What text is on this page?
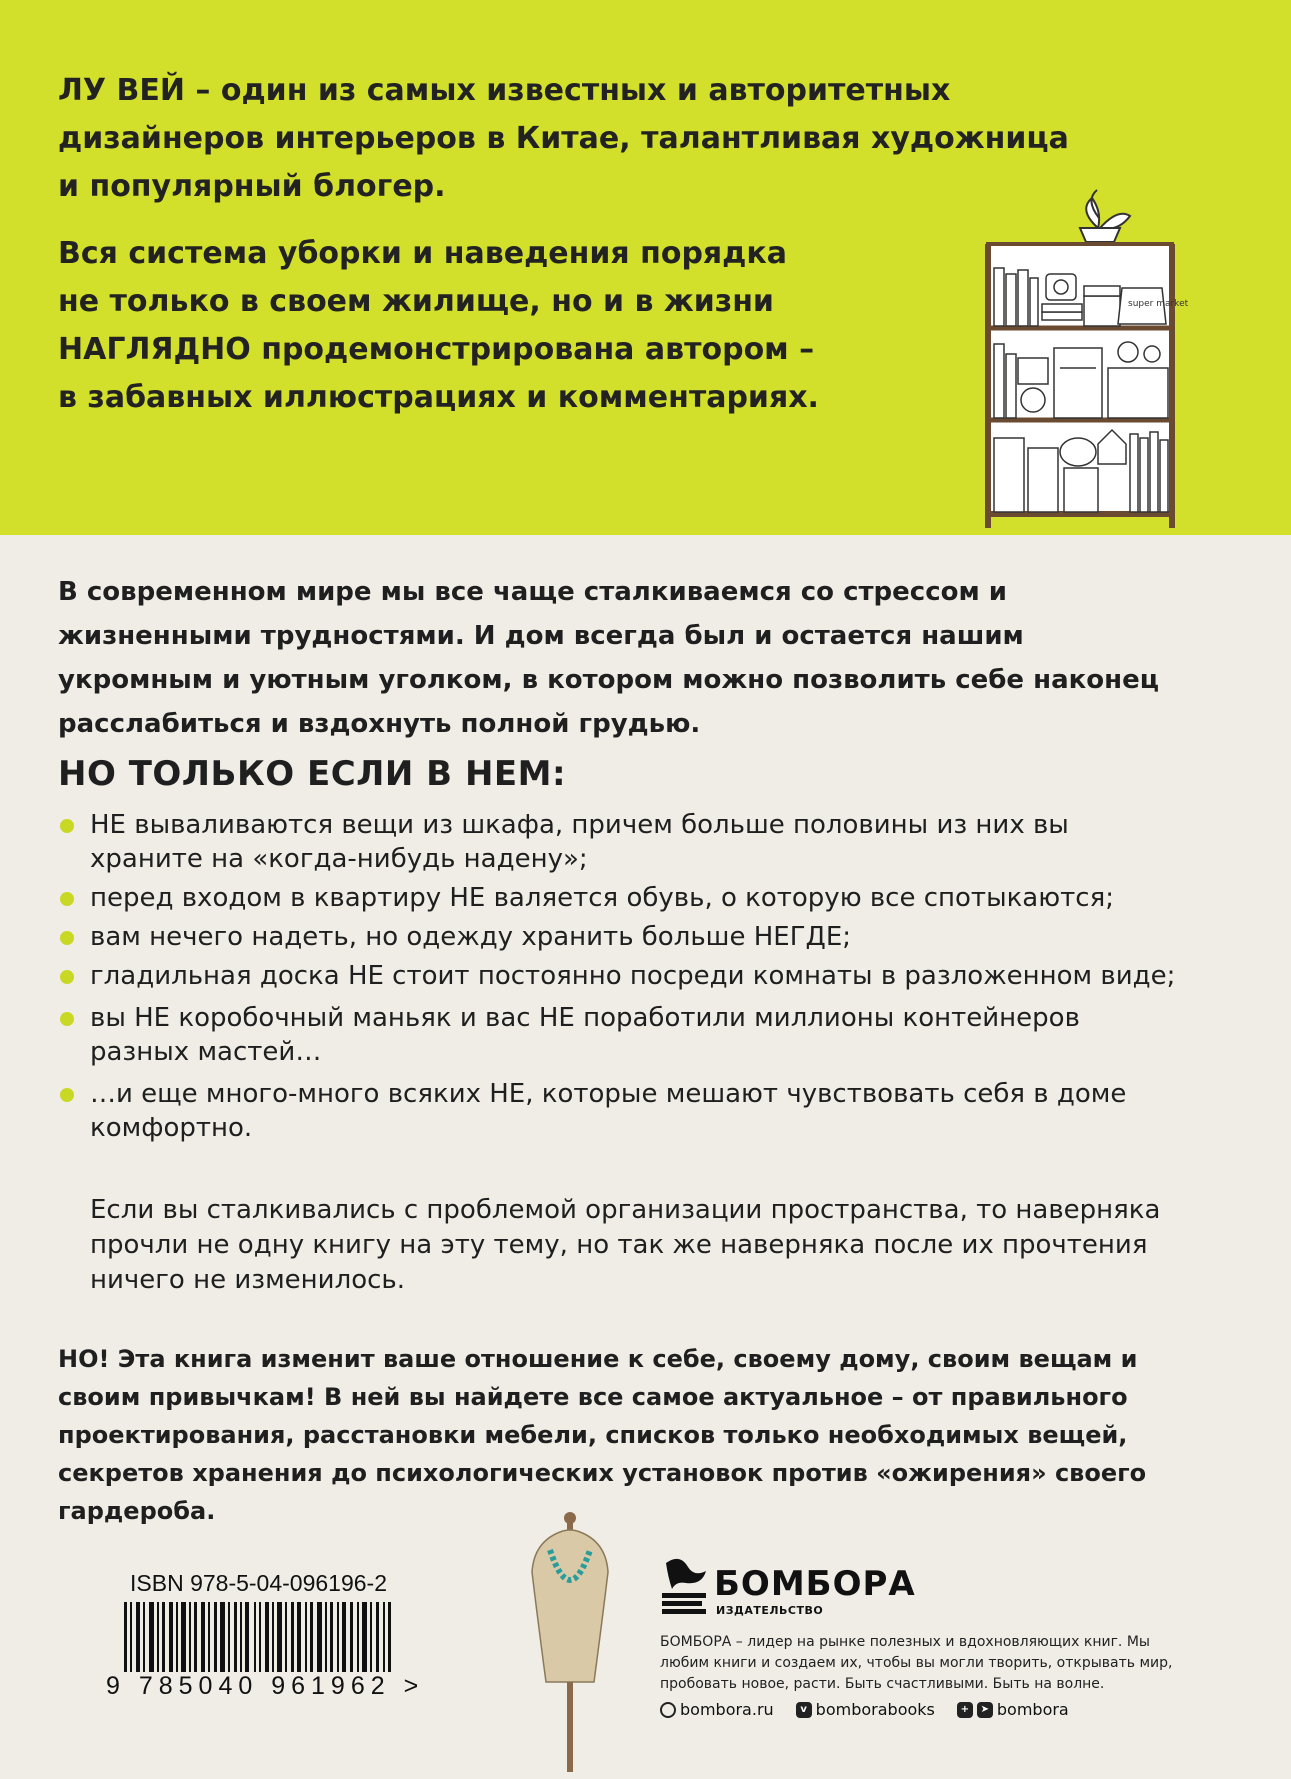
ЛУ ВЕЙ – один из самых известных и авторитетных дизайнеров интерьеров в Китае, талантливая художница и популярный блогер.

Вся система уборки и наведения порядка не только в своем жилище, но и в жизни НАГЛЯДНО продемонстрирована автором – в забавных иллюстрациях и комментариях.

super market

В современном мире мы все чаще сталкиваемся со стрессом и жизненными трудностями. И дом всегда был и остается нашим укромным и уютным уголком, в котором можно позволить себе наконец расслабиться и вздохнуть полной грудью.

НО ТОЛЬКО ЕСЛИ В НЕМ:
НЕ вываливаются вещи из шкафа, причем больше половины из них вы храните на «когда-нибудь надену»;
перед входом в квартиру НЕ валяется обувь, о которую все спотыкаются;
вам нечего надеть, но одежду хранить больше НЕГДЕ;
гладильная доска НЕ стоит постоянно посреди комнаты в разложенном виде;
вы НЕ коробочный маньяк и вас НЕ поработили миллионы контейнеров разных мастей…
…и еще много-много всяких НЕ, которые мешают чувствовать себя в доме комфортно.

Если вы сталкивались с проблемой организации пространства, то наверняка прочли не одну книгу на эту тему, но так же наверняка после их прочтения ничего не изменилось.

НО! Эта книга изменит ваше отношение к себе, своему дому, своим вещам и своим привычкам! В ней вы найдете все самое актуальное – от правильного проектирования, расстановки мебели, списков только необходимых вещей, секретов хранения до психологических установок против «ожирения» своего гардероба.

ISBN 978-5-04-096196-2
9 785040 961962 >
БОМБОРА
ИЗДАТЕЛЬСТВО

БОМБОРА – лидер на рынке полезных и вдохновляющих книг. Мы любим книги и создаем их, чтобы вы могли творить, открывать мир, пробовать новое, расти. Быть счастливыми. Быть на волне.

bombora.ru	v bomborabooks	+	➤ bombora
